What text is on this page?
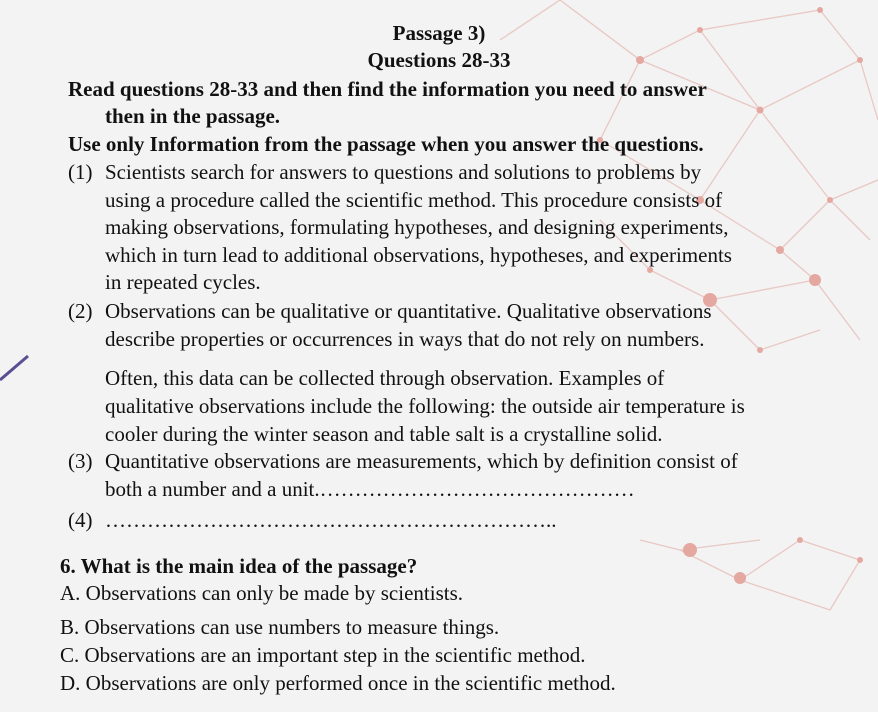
Passage 3)
Questions 28-33
Read questions 28-33 and then find the information you need to answer
then in the passage.
Use only Information from the passage when you answer the questions.
(1) Scientists search for answers to questions and solutions to problems by
using a procedure called the scientific method. This procedure consists of
making observations, formulating hypotheses, and designing experiments,
which in turn lead to additional observations, hypotheses, and experiments
in repeated cycles.
(2) Observations can be qualitative or quantitative. Qualitative observations
describe properties or occurrences in ways that do not rely on numbers.
Often, this data can be collected through observation. Examples of
qualitative observations include the following: the outside air temperature is
cooler during the winter season and table salt is a crystalline solid.
(3) Quantitative observations are measurements, which by definition consist of
both a number and a unit.………………………………………
(4) ………………………………………………………..
6. What is the main idea of the passage?
A. Observations can only be made by scientists.
B. Observations can use numbers to measure things.
C. Observations are an important step in the scientific method.
D. Observations are only performed once in the scientific method.
